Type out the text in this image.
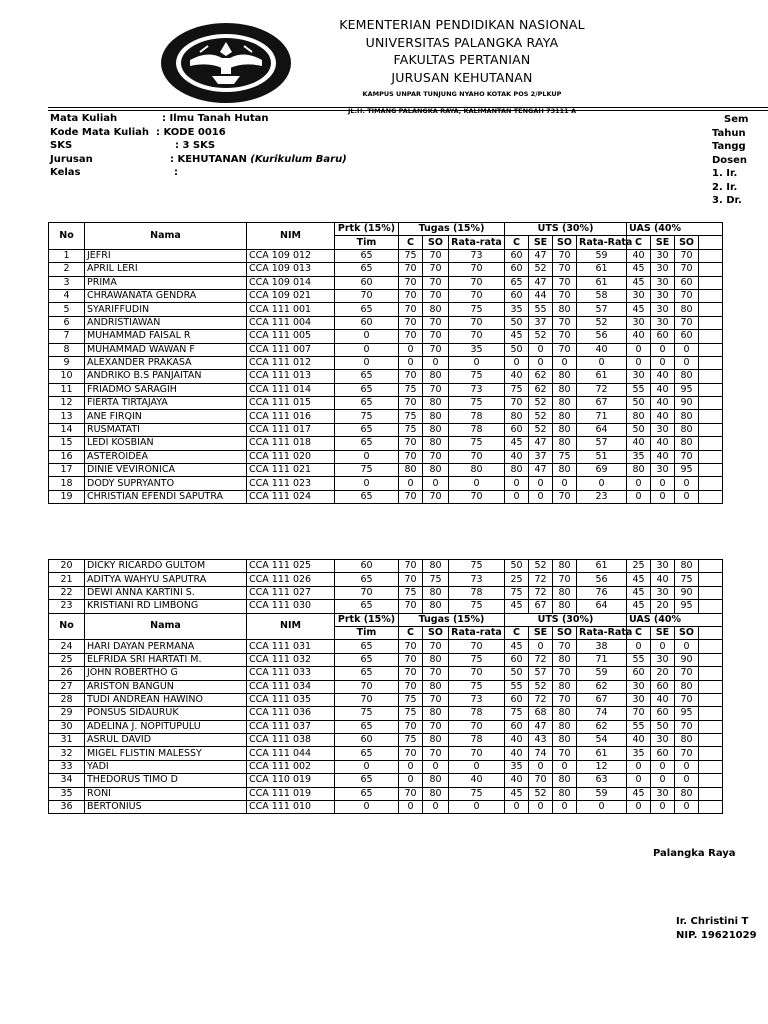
KEMENTERIAN PENDIDIKAN NASIONAL
UNIVERSITAS PALANGKA RAYA
FAKULTAS PERTANIAN
JURUSAN KEHUTANAN
KAMPUS UNPAR TUNJUNG NYAHO KOTAK POS 2/PLKUP
JL.H. TIMANG PALANGKA RAYA, KALIMANTAN TENGAH 73111 A
Mata Kuliah	: Ilmu Tanah Hutan
Kode Mata Kuliah : KODE 0016
SKS	: 3 SKS
Jurusan	: KEHUTANAN (Kurikulum Baru)
Kelas	:
Sem
Tahun
Tangg
Dosen
1. Ir.
2. Ir.
3. Dr.
No	Nama	NIM	Prtk (15%)	Tugas (15%)			UTS (30%)				UAS (40%			
			Tim	C	SO	Rata-rata	C	SE	SO	Rata-Rata	C	SE	SO	
1	JEFRI	CCA 109 012	65	75	70	73	60	47	70	59	40	30	70	
2	APRIL LERI	CCA 109 013	65	70	70	70	60	52	70	61	45	30	70	
3	PRIMA	CCA 109 014	60	70	70	70	65	47	70	61	45	30	60	
4	CHRAWANATA GENDRA	CCA 109 021	70	70	70	70	60	44	70	58	30	30	70	
5	SYARIFFUDIN	CCA 111 001	65	70	80	75	35	55	80	57	45	30	80	
6	ANDRISTIAWAN	CCA 111 004	60	70	70	70	50	37	70	52	30	30	70	
7	MUHAMMAD FAISAL R	CCA 111 005	0	70	70	70	45	52	70	56	40	60	60	
8	MUHAMMAD WAWAN F	CCA 111 007	0	0	70	35	50	0	70	40	0	0	0	
9	ALEXANDER PRAKASA	CCA 111 012	0	0	0	0	0	0	0	0	0	0	0	
10	ANDRIKO B.S PANJAITAN	CCA 111 013	65	70	80	75	40	62	80	61	30	40	80	
11	FRIADMO SARAGIH	CCA 111 014	65	75	70	73	75	62	80	72	55	40	95	
12	FIERTA TIRTAJAYA	CCA 111 015	65	70	80	75	70	52	80	67	50	40	90	
13	ANE FIRQIN	CCA 111 016	75	75	80	78	80	52	80	71	80	40	80	
14	RUSMATATI	CCA 111 017	65	75	80	78	60	52	80	64	50	30	80	
15	LEDI KOSBIAN	CCA 111 018	65	70	80	75	45	47	80	57	40	40	80	
16	ASTEROIDEA	CCA 111 020	0	70	70	70	40	37	75	51	35	40	70	
17	DINIE VEVIRONICA	CCA 111 021	75	80	80	80	80	47	80	69	80	30	95	
18	DODY SUPRYANTO	CCA 111 023	0	0	0	0	0	0	0	0	0	0	0	
19	CHRISTIAN EFENDI SAPUTRA	CCA 111 024	65	70	70	70	0	0	70	23	0	0	0	
20	DICKY RICARDO GULTOM	CCA 111 025	60	70	80	75	50	52	80	61	25	30	80	
21	ADITYA WAHYU SAPUTRA	CCA 111 026	65	70	75	73	25	72	70	56	45	40	75	
22	DEWI ANNA KARTINI S.	CCA 111 027	70	75	80	78	75	72	80	76	45	30	90	
23	KRISTIANI RD LIMBONG	CCA 111 030	65	70	80	75	45	67	80	64	45	20	95	
No	Nama	NIM	Prtk (15%)	Tugas (15%)			UTS (30%)				UAS (40%			
			Tim	C	SO	Rata-rata	C	SE	SO	Rata-Rata	C	SE	SO	
24	HARI DAYAN PERMANA	CCA 111 031	65	70	70	70	45	0	70	38	0	0	0	
25	ELFRIDA SRI HARTATI M.	CCA 111 032	65	70	80	75	60	72	80	71	55	30	90	
26	JOHN ROBERTHO G	CCA 111 033	65	70	70	70	50	57	70	59	60	20	70	
27	ARISTON BANGUN	CCA 111 034	70	70	80	75	55	52	80	62	30	60	80	
28	TUDI ANDREAN HAWINO	CCA 111 035	70	75	70	73	60	72	70	67	30	40	70	
29	PONSUS SIDAURUK	CCA 111 036	75	75	80	78	75	68	80	74	70	60	95	
30	ADELINA J. NOPITUPULU	CCA 111 037	65	70	70	70	60	47	80	62	55	50	70	
31	ASRUL DAVID	CCA 111 038	60	75	80	78	40	43	80	54	40	30	80	
32	MIGEL FLISTIN MALESSY	CCA 111 044	65	70	70	70	40	74	70	61	35	60	70	
33	YADI	CCA 111 002	0	0	0	0	35	0	0	12	0	0	0	
34	THEDORUS TIMO D	CCA 110 019	65	0	80	40	40	70	80	63	0	0	0	
35	RONI	CCA 111 019	65	70	80	75	45	52	80	59	45	30	80	
36	BERTONIUS	CCA 111 010	0	0	0	0	0	0	0	0	0	0	0	
Palangka Raya
Ir. Christini T
NIP. 19621029
